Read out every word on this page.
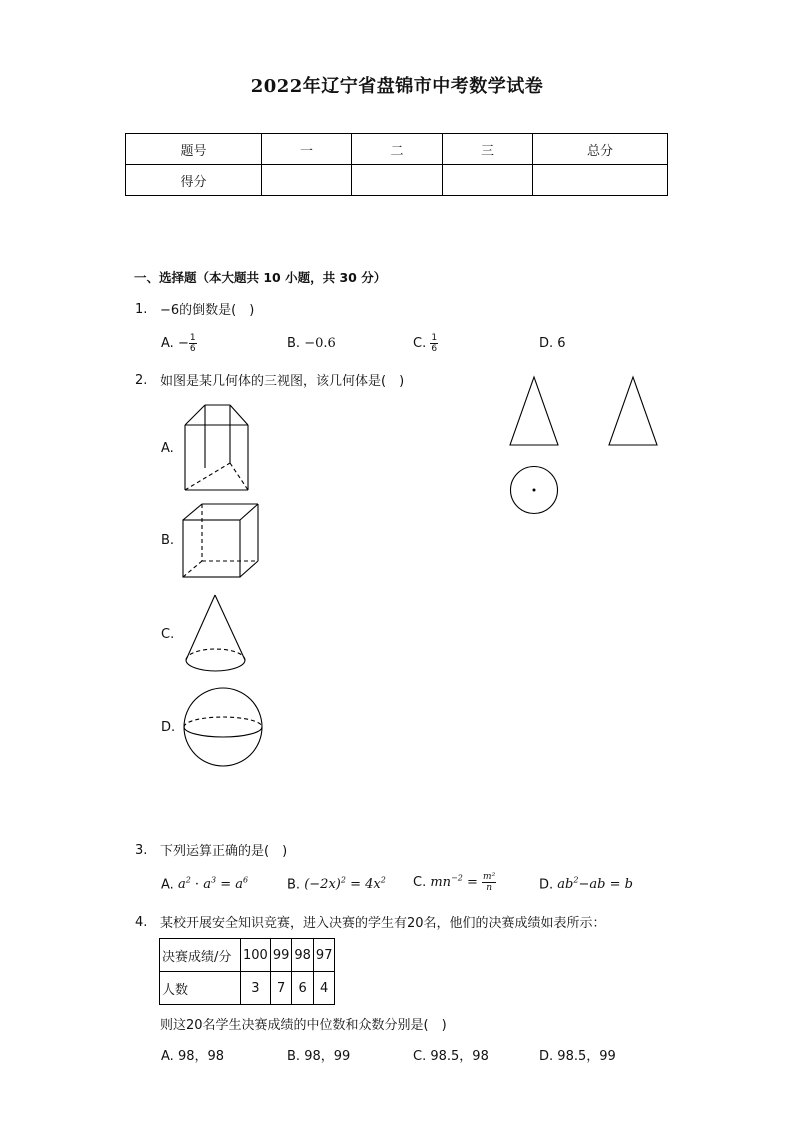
2022年辽宁省盘锦市中考数学试卷
题号	一	二	三	总分
得分				
一、选择题（本大题共 10 小题，共 30 分）
1. −6的倒数是(　)
A. − $\frac{1}{6}$	B. −0.6	C. $\frac{1}{6}$	D. 6
2. 如图是某几何体的三视图，该几何体是(　)
A.
B.
C.
D.
3. 下列运算正确的是(　)
A. $a^2 \cdot a^3 = a^6$	B. $(-2x)^2 = 4x^2$ C. $mn^{-2} = \frac{\text{m²}}{n}$	D. $ab^2-ab = b$
4. 某校开展安全知识竞赛，进入决赛的学生有20名，他们的决赛成绩如表所示：
决赛成绩/分	100	99	98	97
人数	3	7	6	4
则这20名学生决赛成绩的中位数和众数分别是(　)
A. 98，98	B. 98，99	C. 98.5，98	D. 98.5，99
